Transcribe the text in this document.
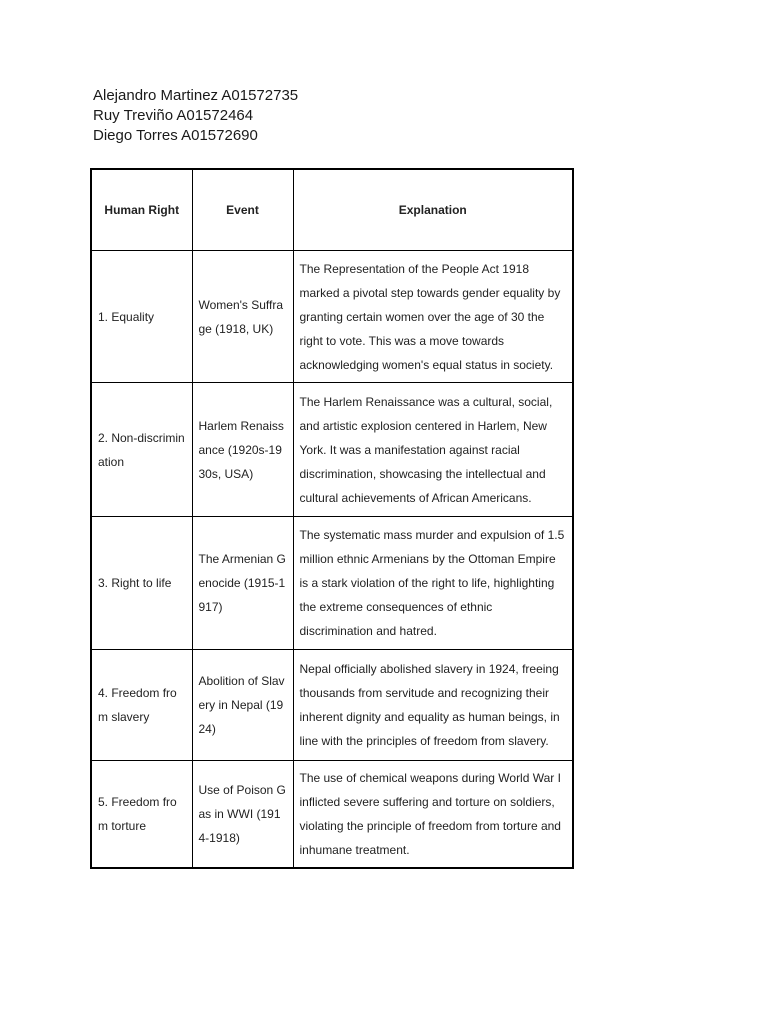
Alejandro Martinez A01572735
Ruy Treviño A01572464
Diego Torres A01572690
Human Right	Event	Explanation
1. Equality	Women's Suffrage (1918, UK)	The Representation of the People Act 1918 marked a pivotal step towards gender equality by granting certain women over the age of 30 the right to vote. This was a move towards acknowledging women's equal status in society.
2. Non-discrimination	Harlem Renaissance (1920s-1930s, USA)	The Harlem Renaissance was a cultural, social, and artistic explosion centered in Harlem, New York. It was a manifestation against racial discrimination, showcasing the intellectual and cultural achievements of African Americans.
3. Right to life	The Armenian Genocide (1915-1917)	The systematic mass murder and expulsion of 1.5 million ethnic Armenians by the Ottoman Empire is a stark violation of the right to life, highlighting the extreme consequences of ethnic discrimination and hatred.
4. Freedom from slavery	Abolition of Slavery in Nepal (1924)	Nepal officially abolished slavery in 1924, freeing thousands from servitude and recognizing their inherent dignity and equality as human beings, in line with the principles of freedom from slavery.
5. Freedom from torture	Use of Poison Gas in WWI (1914-1918)	The use of chemical weapons during World War I inflicted severe suffering and torture on soldiers, violating the principle of freedom from torture and inhumane treatment.
